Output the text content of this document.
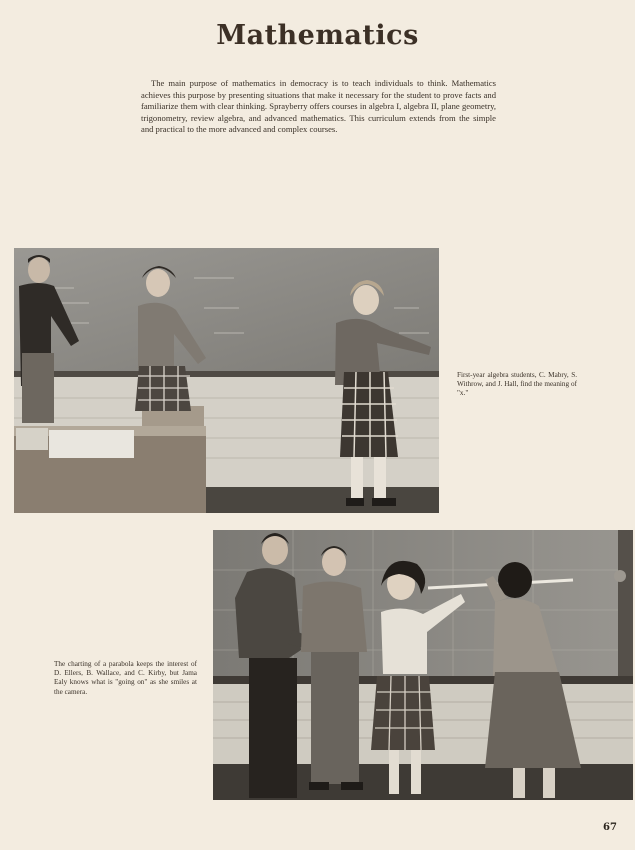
Mathematics
The main purpose of mathematics in democracy is to teach individuals to think. Mathematics achieves this purpose by presenting situations that make it necessary for the student to prove facts and familiarize them with clear thinking. Sprayberry offers courses in algebra I, algebra II, plane geometry, trigonometry, review algebra, and advanced mathematics. This curriculum extends from the simple and practical to the more advanced and complex courses.
First-year algebra students, C. Mabry, S. Withrow, and J. Hall, find the meaning of "x."
The charting of a parabola keeps the interest of D. Ellers, B. Wallace, and C. Kirby, but Jama Ealy knows what is "going on" as she smiles at the camera.
67
